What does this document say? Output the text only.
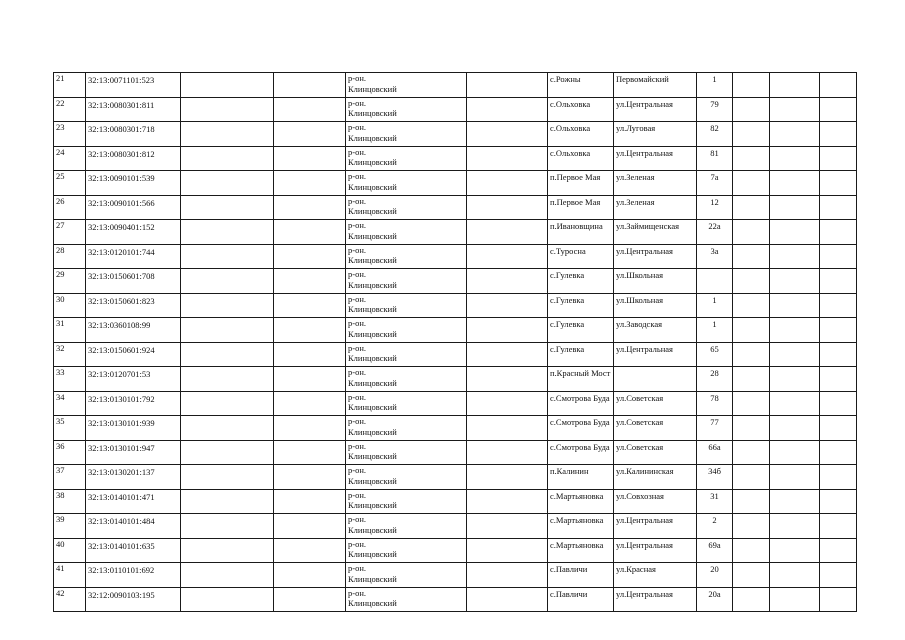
21	32:13:0071101:523			р-он.
Клинцовский		с.Рожны	Первомайский	1			
22	32:13:0080301:811			р-он.
Клинцовский		с.Ольховка	ул.Центральная	79			
23	32:13:0080301:718			р-он.
Клинцовский		с.Ольховка	ул.Луговая	82			
24	32:13:0080301:812			р-он.
Клинцовский		с.Ольховка	ул.Центральная	81			
25	32:13:0090101:539			р-он.
Клинцовский		п.Первое Мая	ул.Зеленая	7а			
26	32:13:0090101:566			р-он.
Клинцовский		п.Первое Мая	ул.Зеленая	12			
27	32:13:0090401:152			р-он.
Клинцовский		п.Ивановщина	ул.Займищенская	22а			
28	32:13:0120101:744			р-он.
Клинцовский		с.Туросна	ул.Центральная	3а			
29	32:13:0150601:708			р-он.
Клинцовский		с.Гулевка	ул.Школьная				
30	32:13:0150601:823			р-он.
Клинцовский		с.Гулевка	ул.Школьная	1			
31	32:13:0360108:99			р-он.
Клинцовский		с.Гулевка	ул.Заводская	1			
32	32:13:0150601:924			р-он.
Клинцовский		с.Гулевка	ул.Центральная	65			
33	32:13:0120701:53			р-он.
Клинцовский		п.Красный Мост		28			
34	32:13:0130101:792			р-он.
Клинцовский		с.Смотрова Буда	ул.Советская	78			
35	32:13:0130101:939			р-он.
Клинцовский		с.Смотрова Буда	ул.Советская	77			
36	32:13:0130101:947			р-он.
Клинцовский		с.Смотрова Буда	ул.Советская	66а			
37	32:13:0130201:137			р-он.
Клинцовский		п.Калинин	ул.Калининская	34б			
38	32:13:0140101:471			р-он.
Клинцовский		с.Мартьяновка	ул.Совхозная	31			
39	32:13:0140101:484			р-он.
Клинцовский		с.Мартьяновка	ул.Центральная	2			
40	32:13:0140101:635			р-он.
Клинцовский		с.Мартьяновка	ул.Центральная	69а			
41	32:13:0110101:692			р-он.
Клинцовский		с.Павличи	ул.Красная	20			
42	32:12:0090103:195			р-он.
Клинцовский		с.Павличи	ул.Центральная	20а			
